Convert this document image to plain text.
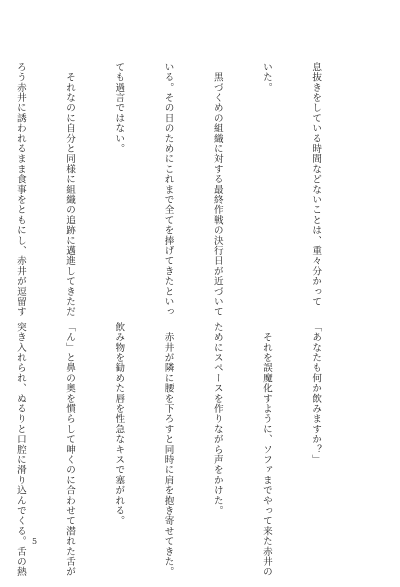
息抜きをしている時間などないことは、重々分かって

いた。

　黒づくめの組織に対する最終作戦の決行日が近づいて

いる。その日のためにこれまで全てを捧げてきたといっ

ても過言ではない。

　それなのに自分と同様に組織の追跡に邁進してきただ

ろう赤井に誘われるまま食事をともにし、赤井が逗留す

「あなたも何か飲みますか？」

　それを誤魔化すように、ソファまでやって来た赤井の

ためにスペースを作りながら声をかけた。

　赤井が隣に腰を下ろすと同時に肩を抱き寄せてきた。

飲み物を勧めた唇を性急なキスで塞がれる。

「ん」と鼻の奥を慣らして呻くのに合わせて潜れた舌が

突き入れられ、ぬるりと口腔に滑り込んでくる。舌の熱

5
